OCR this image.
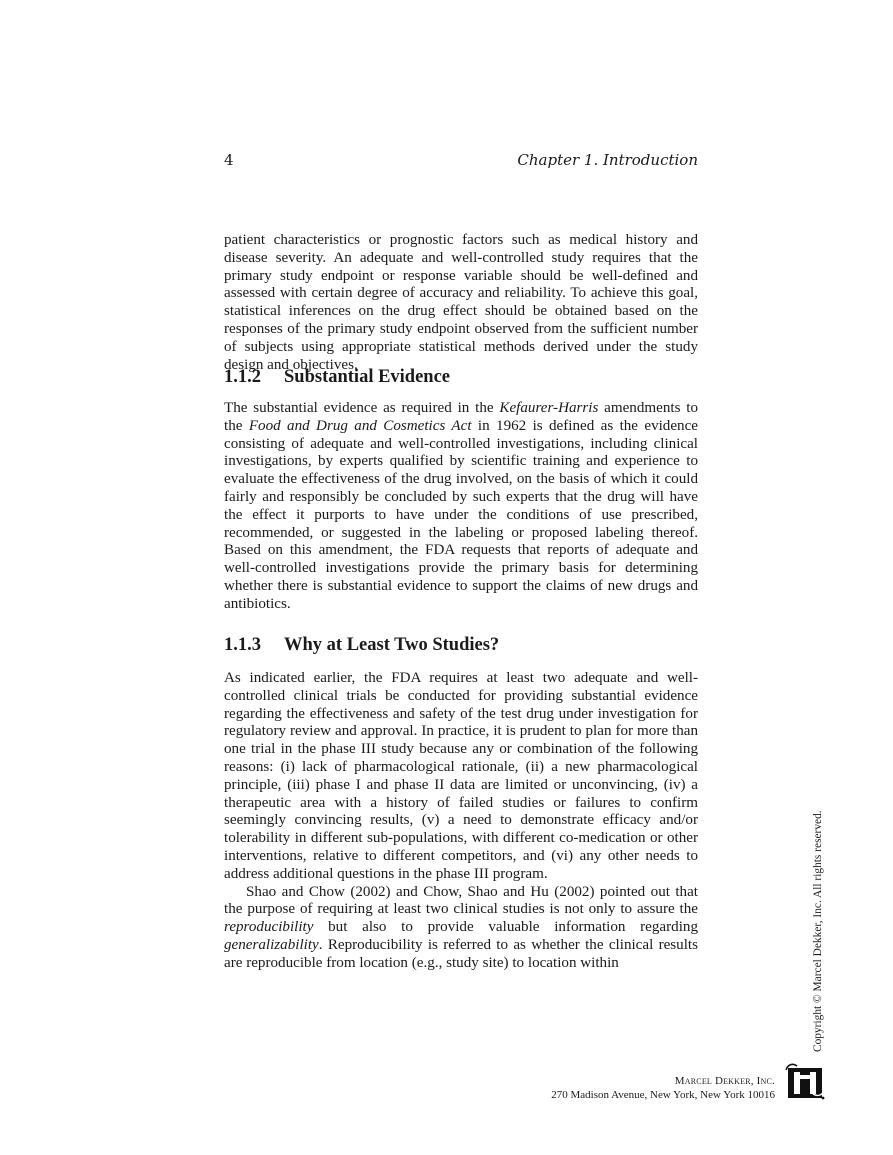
4	Chapter 1. Introduction

patient characteristics or prognostic factors such as medical history and disease severity. An adequate and well-controlled study requires that the primary study endpoint or response variable should be well-defined and assessed with certain degree of accuracy and reliability. To achieve this goal, statistical inferences on the drug effect should be obtained based on the responses of the primary study endpoint observed from the sufficient number of subjects using appropriate statistical methods derived under the study design and objectives.

1.1.2 Substantial Evidence

The substantial evidence as required in the Kefaurer-Harris amendments to the Food and Drug and Cosmetics Act in 1962 is defined as the evidence consisting of adequate and well-controlled investigations, including clinical investigations, by experts qualified by scientific training and experience to evaluate the effectiveness of the drug involved, on the basis of which it could fairly and responsibly be concluded by such experts that the drug will have the effect it purports to have under the conditions of use prescribed, recommended, or suggested in the labeling or proposed labeling thereof. Based on this amendment, the FDA requests that reports of adequate and well-controlled investigations provide the primary basis for determining whether there is substantial evidence to support the claims of new drugs and antibiotics.

1.1.3 Why at Least Two Studies?

As indicated earlier, the FDA requires at least two adequate and well-controlled clinical trials be conducted for providing substantial evidence regarding the effectiveness and safety of the test drug under investigation for regulatory review and approval. In practice, it is prudent to plan for more than one trial in the phase III study because any or combination of the following reasons: (i) lack of pharmacological rationale, (ii) a new pharmacological principle, (iii) phase I and phase II data are limited or unconvincing, (iv) a therapeutic area with a history of failed studies or failures to confirm seemingly convincing results, (v) a need to demonstrate efficacy and/or tolerability in different sub-populations, with different co-medication or other interventions, relative to different competitors, and (vi) any other needs to address additional questions in the phase III program.

Shao and Chow (2002) and Chow, Shao and Hu (2002) pointed out that the purpose of requiring at least two clinical studies is not only to assure the reproducibility but also to provide valuable information regarding generalizability. Reproducibility is referred to as whether the clinical results are reproducible from location (e.g., study site) to location within	Copyright © Marcel Dekker, Inc. All rights reserved.
Marcel Dekker, Inc.
270 Madison Avenue, New York, New York 10016
